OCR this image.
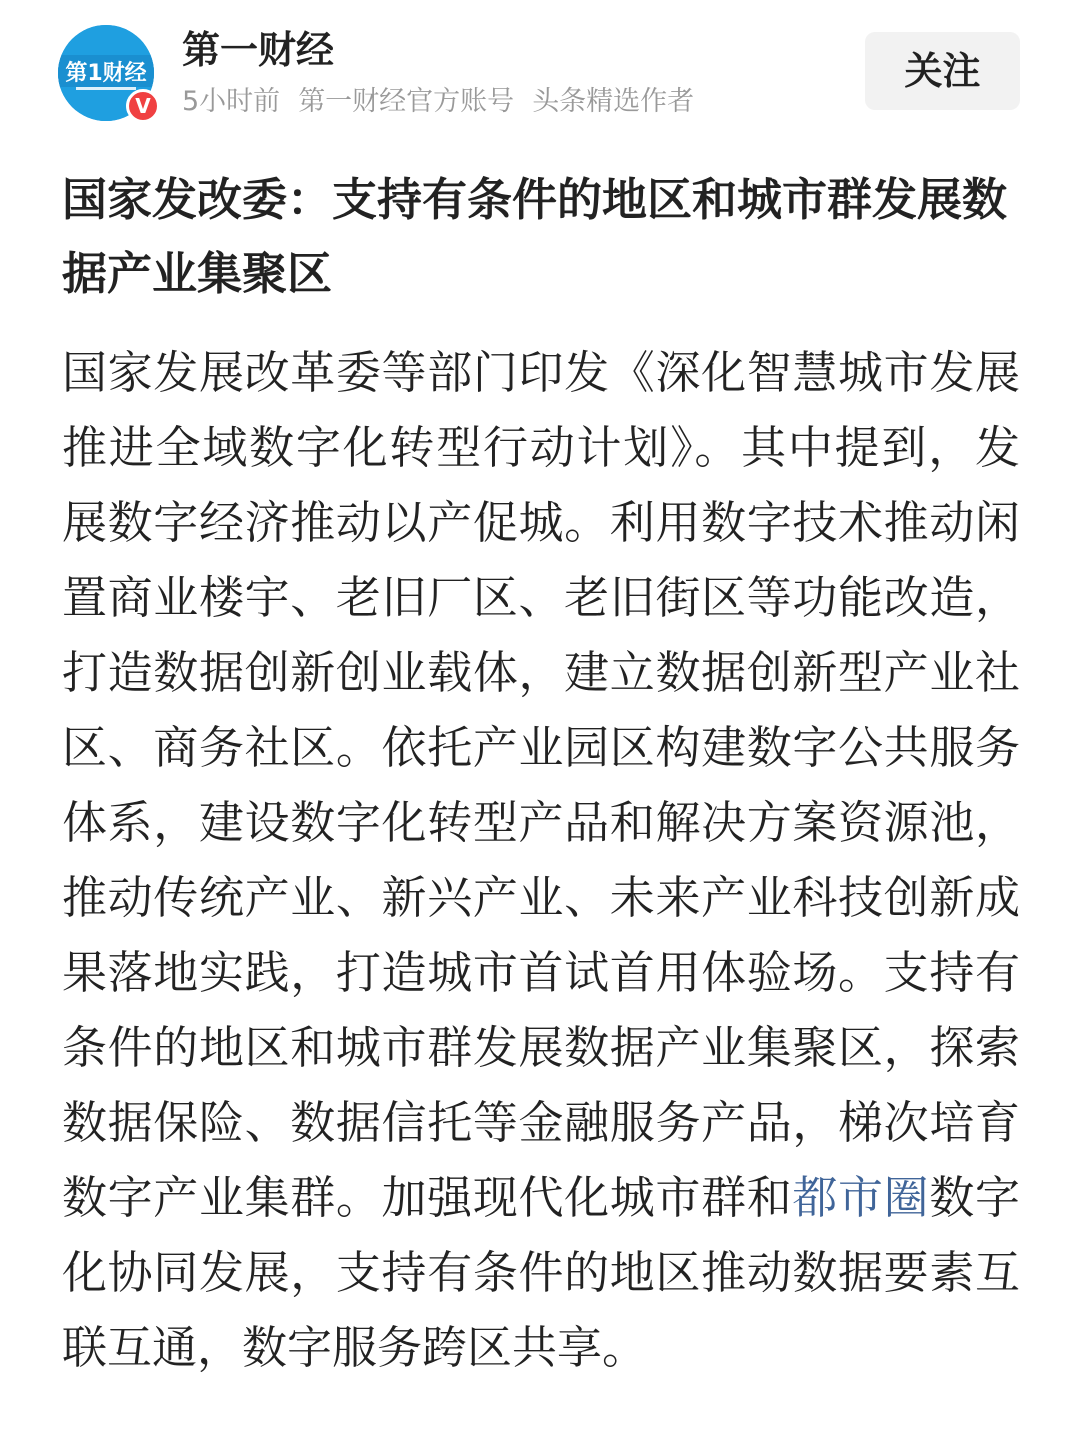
第1财经
V
第一财经
5小时前 第一财经官方账号 头条精选作者
关注
国家发改委：支持有条件的地区和城市群发展数据产业集聚区

国家发展改革委等部门印发《深化智慧城市发展推进全域数字化转型行动计划》。其中提到，发展数字经济推动以产促城。利用数字技术推动闲置商业楼宇、老旧厂区、老旧街区等功能改造，打造数据创新创业载体，建立数据创新型产业社区、商务社区。依托产业园区构建数字公共服务体系，建设数字化转型产品和解决方案资源池，推动传统产业、新兴产业、未来产业科技创新成果落地实践，打造城市首试首用体验场。支持有条件的地区和城市群发展数据产业集聚区，探索数据保险、数据信托等金融服务产品，梯次培育数字产业集群。加强现代化城市群和都市圈数字化协同发展，支持有条件的地区推动数据要素互联互通，数字服务跨区共享。
